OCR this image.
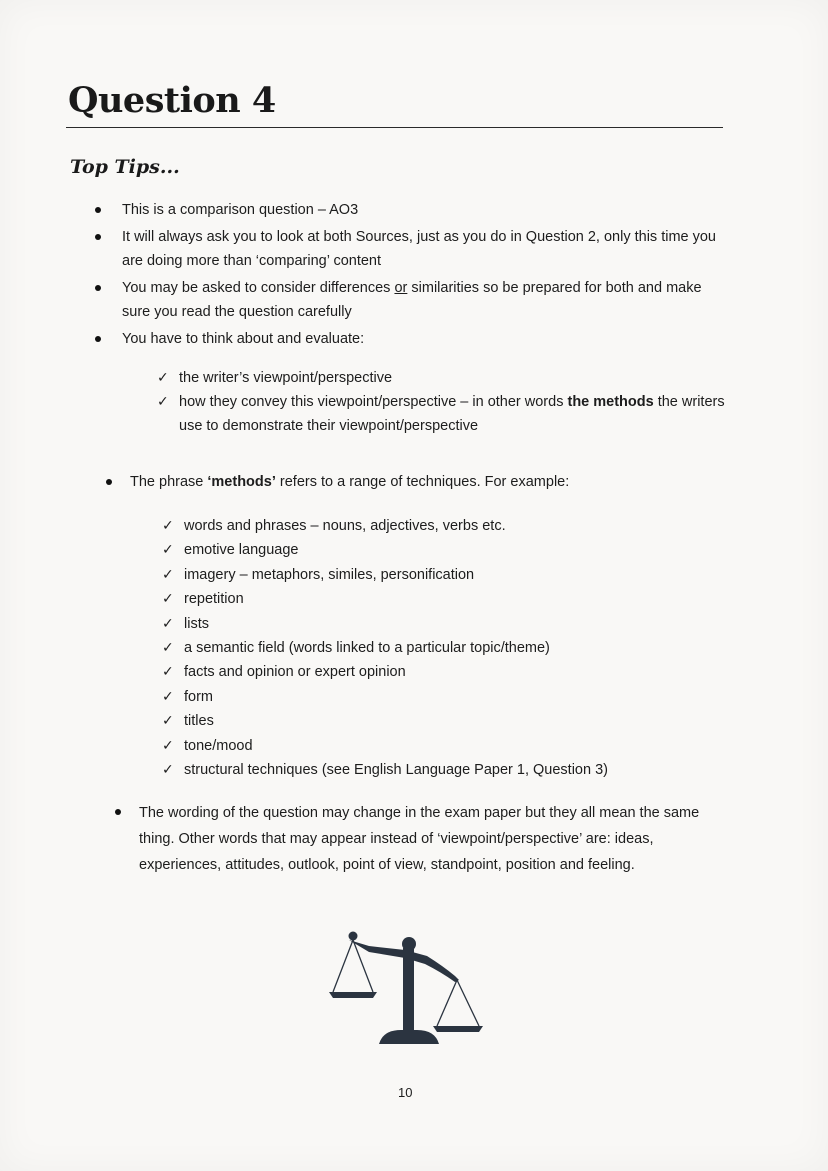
Question 4
Top Tips...
This is a comparison question – AO3
It will always ask you to look at both Sources, just as you do in Question 2, only this time you are doing more than ‘comparing’ content
You may be asked to consider differences or similarities so be prepared for both and make sure you read the question carefully
You have to think about and evaluate:
✓ the writer’s viewpoint/perspective
✓ how they convey this viewpoint/perspective – in other words the methods the writers use to demonstrate their viewpoint/perspective
The phrase ‘methods’ refers to a range of techniques. For example:
✓ words and phrases – nouns, adjectives, verbs etc.
✓ emotive language
✓ imagery – metaphors, similes, personification
✓ repetition
✓ lists
✓ a semantic field (words linked to a particular topic/theme)
✓ facts and opinion or expert opinion
✓ form
✓ titles
✓ tone/mood
✓ structural techniques (see English Language Paper 1, Question 3)
The wording of the question may change in the exam paper but they all mean the same thing. Other words that may appear instead of ‘viewpoint/perspective’ are: ideas, experiences, attitudes, outlook, point of view, standpoint, position and feeling.

10
